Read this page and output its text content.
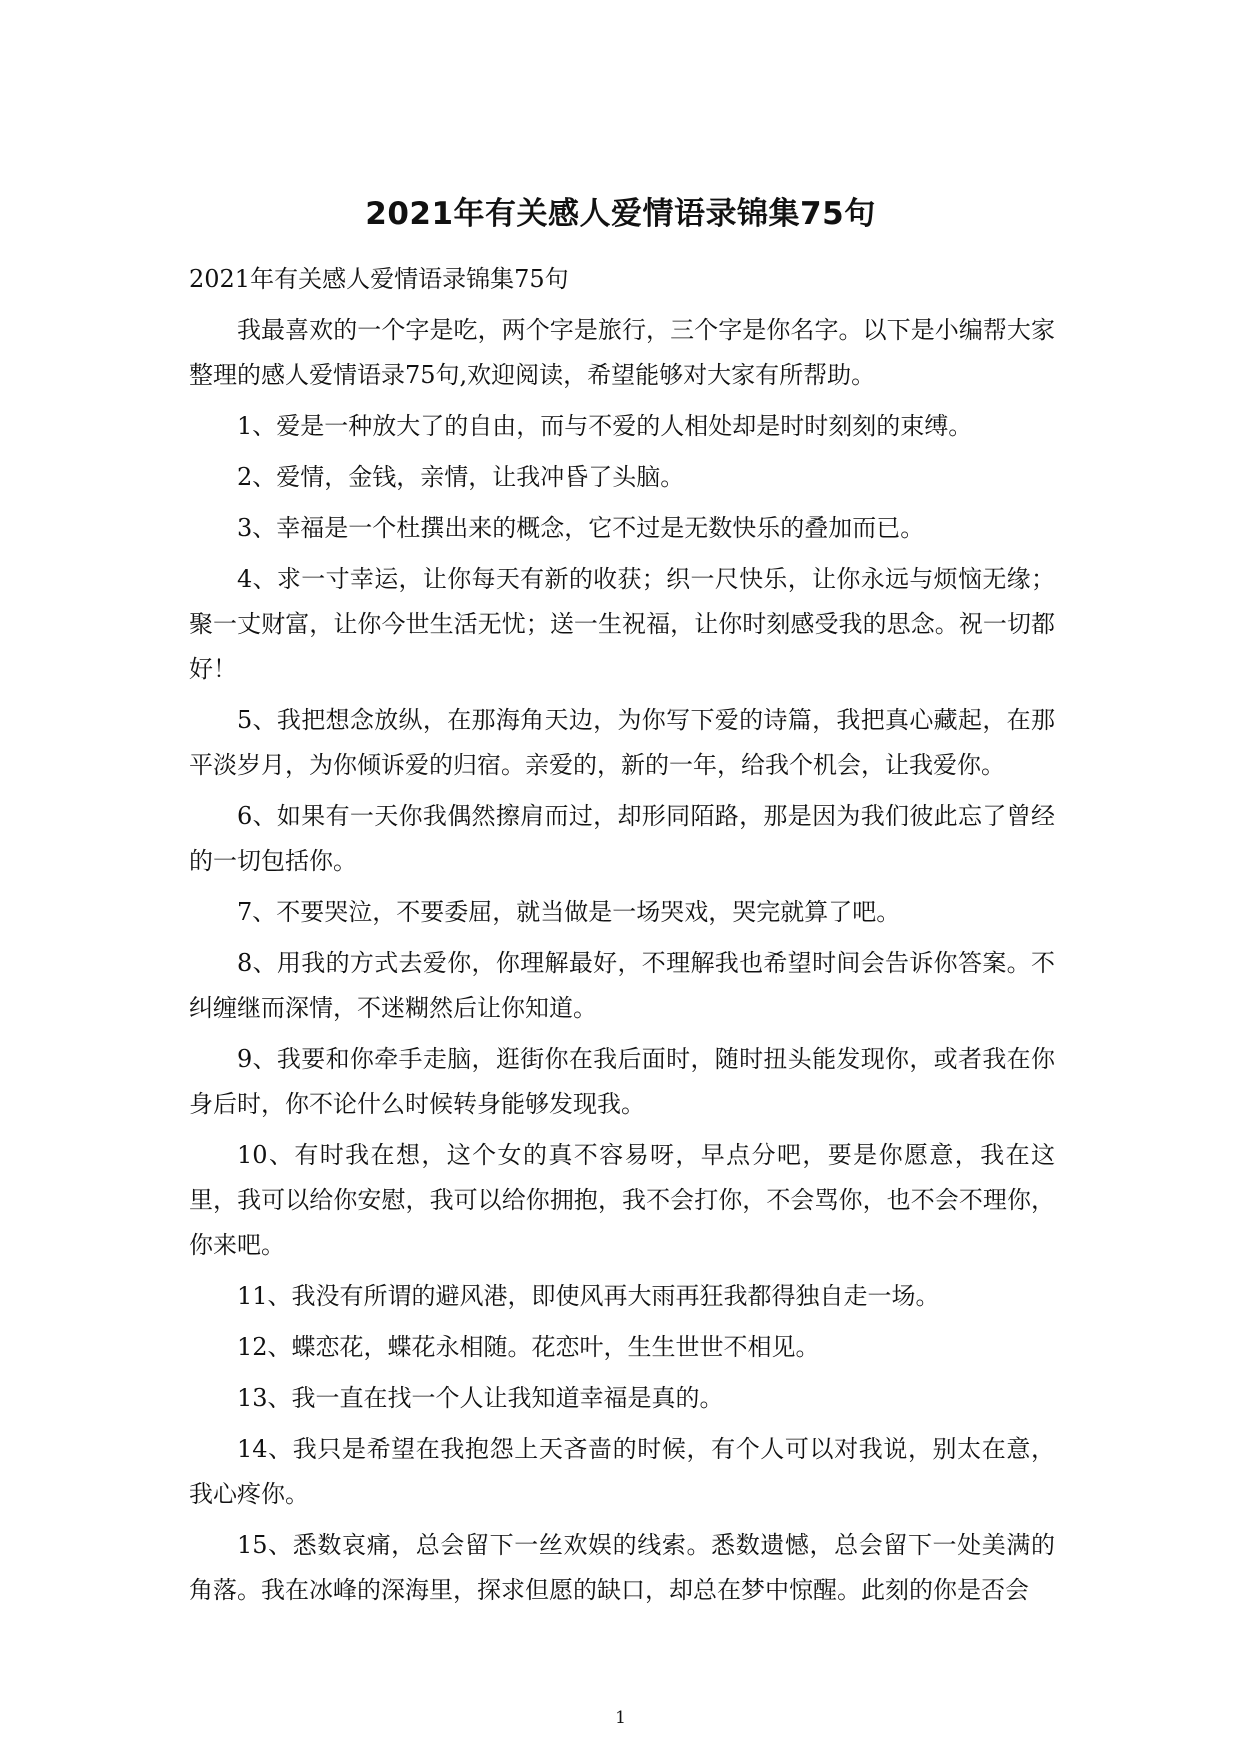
2021年有关感人爱情语录锦集75句

2021年有关感人爱情语录锦集75句

我最喜欢的一个字是吃，两个字是旅行，三个字是你名字。以下是小编帮大家整理的感人爱情语录75句,欢迎阅读，希望能够对大家有所帮助。

1、爱是一种放大了的自由，而与不爱的人相处却是时时刻刻的束缚。

2、爱情，金钱，亲情，让我冲昏了头脑。

3、幸福是一个杜撰出来的概念，它不过是无数快乐的叠加而已。

4、求一寸幸运，让你每天有新的收获；织一尺快乐，让你永远与烦恼无缘；聚一丈财富，让你今世生活无忧；送一生祝福，让你时刻感受我的思念。祝一切都好！

5、我把想念放纵，在那海角天边，为你写下爱的诗篇，我把真心藏起，在那平淡岁月，为你倾诉爱的归宿。亲爱的，新的一年，给我个机会，让我爱你。

6、如果有一天你我偶然擦肩而过，却形同陌路，那是因为我们彼此忘了曾经的一切包括你。

7、不要哭泣，不要委屈，就当做是一场哭戏，哭完就算了吧。

8、用我的方式去爱你，你理解最好，不理解我也希望时间会告诉你答案。不纠缠继而深情，不迷糊然后让你知道。

9、我要和你牵手走脑，逛街你在我后面时，随时扭头能发现你，或者我在你身后时，你不论什么时候转身能够发现我。

10、有时我在想，这个女的真不容易呀，早点分吧，要是你愿意，我在这里，我可以给你安慰，我可以给你拥抱，我不会打你，不会骂你，也不会不理你，你来吧。

11、我没有所谓的避风港，即使风再大雨再狂我都得独自走一场。

12、蝶恋花，蝶花永相随。花恋叶，生生世世不相见。

13、我一直在找一个人让我知道幸福是真的。

14、我只是希望在我抱怨上天吝啬的时候，有个人可以对我说，别太在意，我心疼你。

15、悉数哀痛，总会留下一丝欢娱的线索。悉数遗憾，总会留下一处美满的角落。我在冰峰的深海里，探求但愿的缺口，却总在梦中惊醒。此刻的你是否会

1
